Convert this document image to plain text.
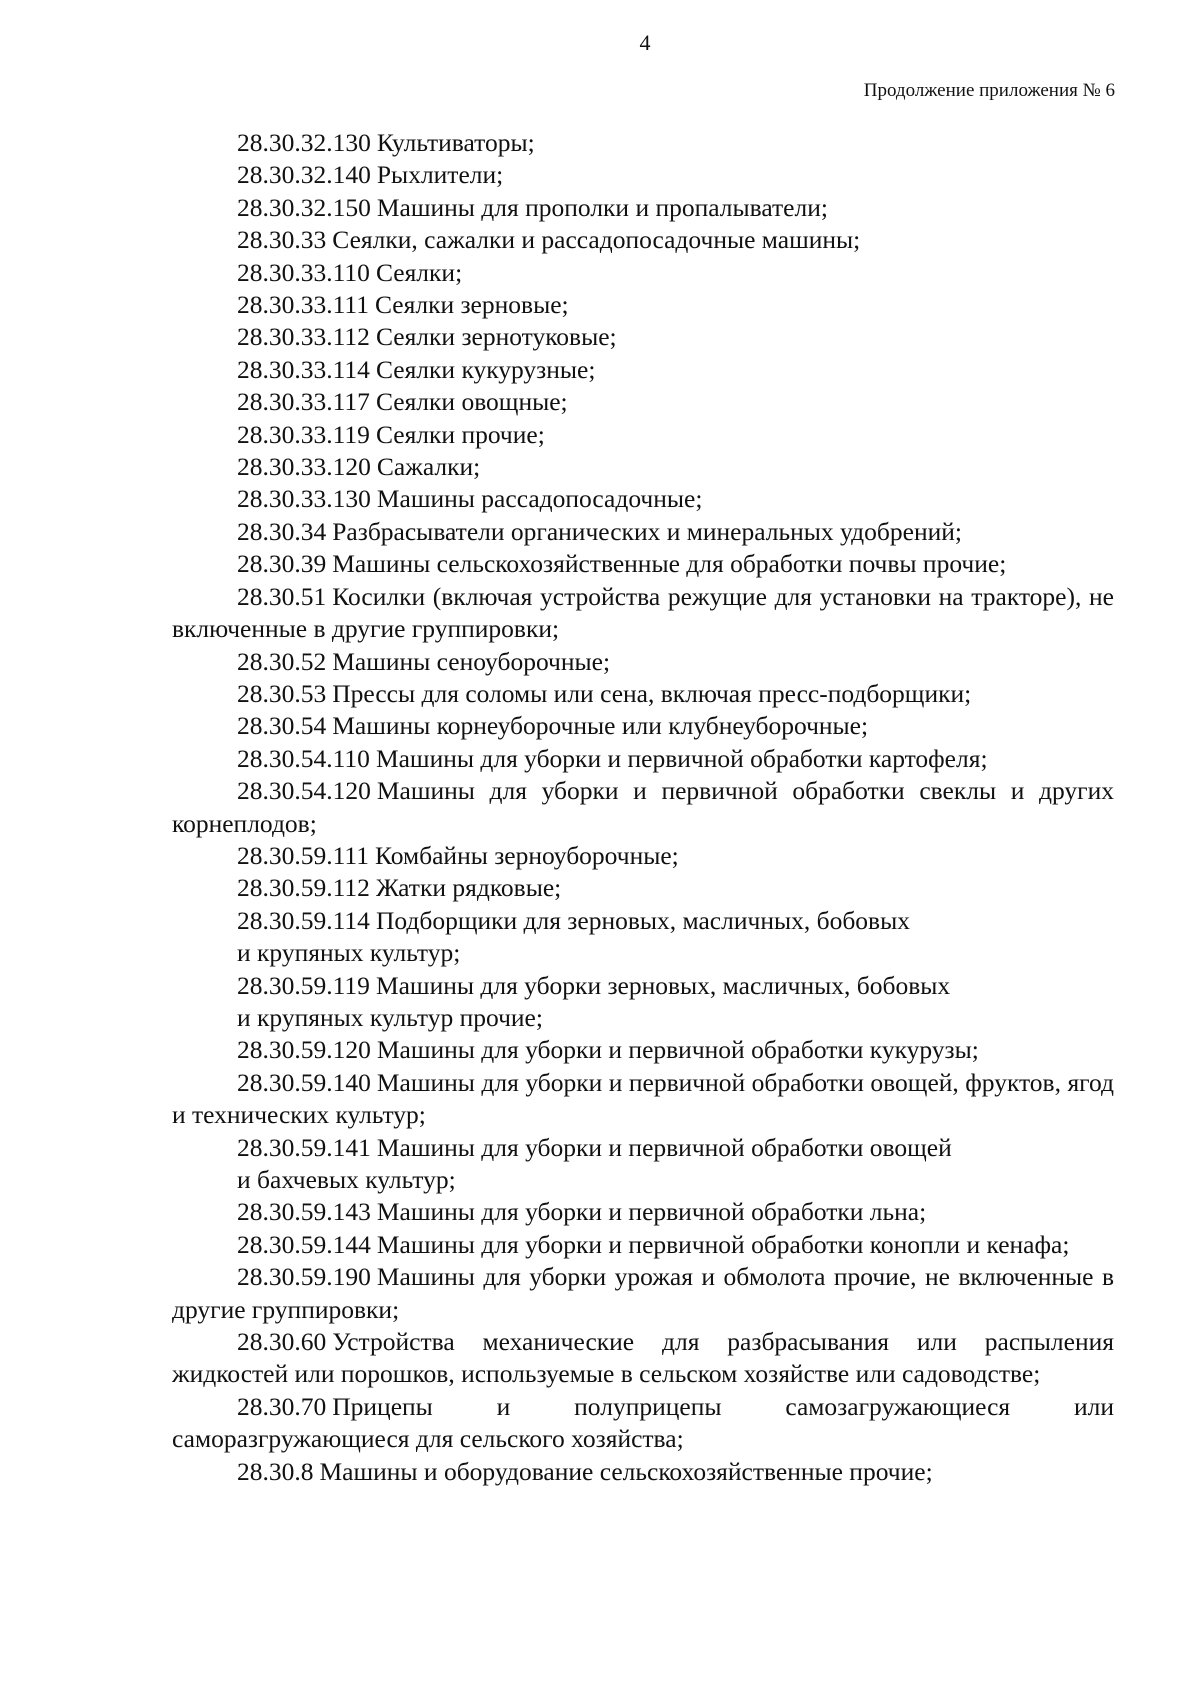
4
Продолжение приложения № 6

28.30.32.130 Культиваторы;

28.30.32.140 Рыхлители;

28.30.32.150 Машины для прополки и пропалыватели;

28.30.33 Сеялки, сажалки и рассадопосадочные машины;

28.30.33.110 Сеялки;

28.30.33.111 Сеялки зерновые;

28.30.33.112 Сеялки зернотуковые;

28.30.33.114 Сеялки кукурузные;

28.30.33.117 Сеялки овощные;

28.30.33.119 Сеялки прочие;

28.30.33.120 Сажалки;

28.30.33.130 Машины рассадопосадочные;

28.30.34 Разбрасыватели органических и минеральных удобрений;

28.30.39 Машины сельскохозяйственные для обработки почвы прочие;

28.30.51 Косилки (включая устройства режущие для установки на тракторе), не включенные в другие группировки;

28.30.52 Машины сеноуборочные;

28.30.53 Прессы для соломы или сена, включая пресс-подборщики;

28.30.54 Машины корнеуборочные или клубнеуборочные;

28.30.54.110 Машины для уборки и первичной обработки картофеля;

28.30.54.120 Машины для уборки и первичной обработки свеклы и других корнеплодов;

28.30.59.111 Комбайны зерноуборочные;

28.30.59.112 Жатки рядковые;

28.30.59.114 Подборщики для зерновых, масличных, бобовых
и крупяных культур;

28.30.59.119 Машины для уборки зерновых, масличных, бобовых
и крупяных культур прочие;

28.30.59.120 Машины для уборки и первичной обработки кукурузы;

28.30.59.140 Машины для уборки и первичной обработки овощей, фруктов, ягод и технических культур;

28.30.59.141 Машины для уборки и первичной обработки овощей
и бахчевых культур;

28.30.59.143 Машины для уборки и первичной обработки льна;

28.30.59.144 Машины для уборки и первичной обработки конопли и кенафа;

28.30.59.190 Машины для уборки урожая и обмолота прочие, не включенные в другие группировки;

28.30.60 Устройства механические для разбрасывания или распыления жидкостей или порошков, используемые в сельском хозяйстве или садоводстве;

28.30.70 Прицепы и полуприцепы самозагружающиеся или саморазгружающиеся для сельского хозяйства;

28.30.8 Машины и оборудование сельскохозяйственные прочие;
